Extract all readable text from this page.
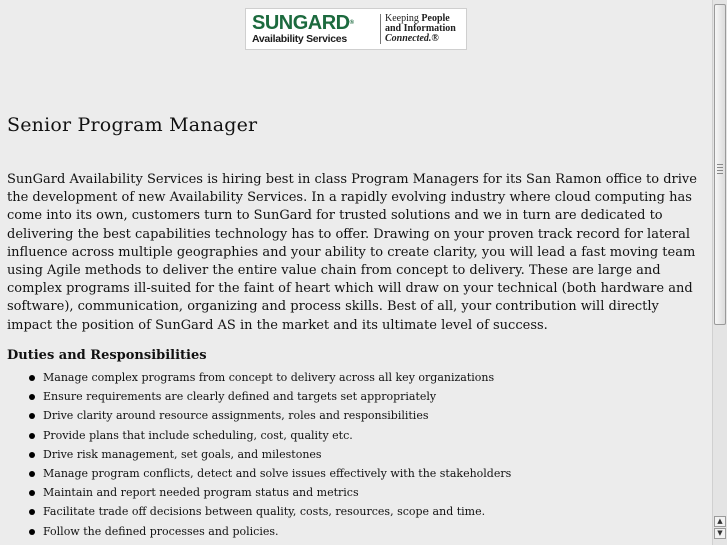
SUNGARD®
Availability Services
Keeping People
and Information
Connected.®
Senior Program Manager

SunGard Availability Services is hiring best in class Program Managers for its San Ramon office to drive the development of new Availability Services. In a rapidly evolving industry where cloud computing has come into its own, customers turn to SunGard for trusted solutions and we in turn are dedicated to delivering the best capabilities technology has to offer. Drawing on your proven track record for lateral influence across multiple geographies and your ability to create clarity, you will lead a fast moving team using Agile methods to deliver the entire value chain from concept to delivery. These are large and complex programs ill-suited for the faint of heart which will draw on your technical (both hardware and software), communication, organizing and process skills. Best of all, your contribution will directly impact the position of SunGard AS in the market and its ultimate level of success.

Duties and Responsibilities
Manage complex programs from concept to delivery across all key organizations
Ensure requirements are clearly defined and targets set appropriately
Drive clarity around resource assignments, roles and responsibilities
Provide plans that include scheduling, cost, quality etc.
Drive risk management, set goals, and milestones
Manage program conflicts, detect and solve issues effectively with the stakeholders
Maintain and report needed program status and metrics
Facilitate trade off decisions between quality, costs, resources, scope and time.
Follow the defined processes and policies.
▲
▼
